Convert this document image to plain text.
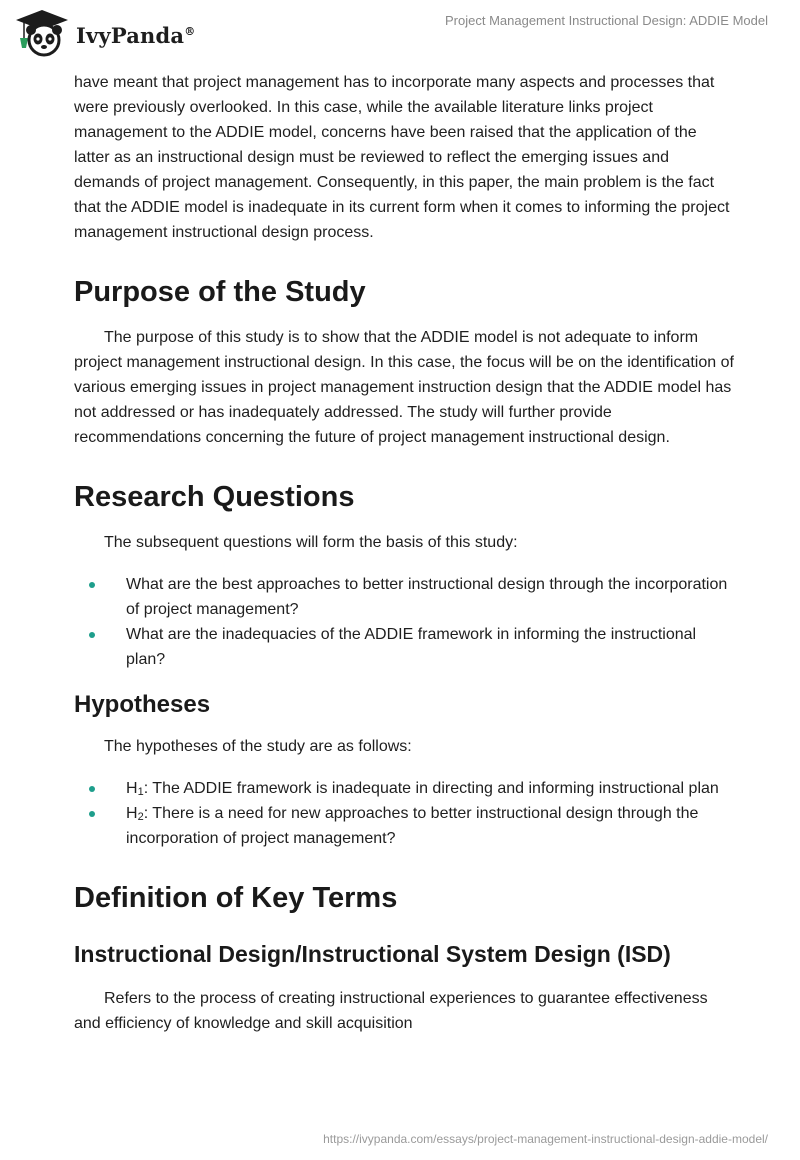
IvyPanda®
Project Management Instructional Design: ADDIE Model

have meant that project management has to incorporate many aspects and processes that were previously overlooked. In this case, while the available literature links project management to the ADDIE model, concerns have been raised that the application of the latter as an instructional design must be reviewed to reflect the emerging issues and demands of project management. Consequently, in this paper, the main problem is the fact that the ADDIE model is inadequate in its current form when it comes to informing the project management instructional design process.

Purpose of the Study

The purpose of this study is to show that the ADDIE model is not adequate to inform project management instructional design. In this case, the focus will be on the identification of various emerging issues in project management instruction design that the ADDIE model has not addressed or has inadequately addressed. The study will further provide recommendations concerning the future of project management instructional design.

Research Questions

The subsequent questions will form the basis of this study:

What are the best approaches to better instructional design through the incorporation of project management?
What are the inadequacies of the ADDIE framework in informing the instructional plan?
Hypotheses

The hypotheses of the study are as follows:

$H_1$: The ADDIE framework is inadequate in directing and informing instructional plan
$H_2$: There is a need for new approaches to better instructional design through the incorporation of project management?
Definition of Key Terms
Instructional Design/Instructional System Design (ISD)

Refers to the process of creating instructional experiences to guarantee effectiveness and efficiency of knowledge and skill acquisition

https://ivypanda.com/essays/project-management-instructional-design-addie-model/
